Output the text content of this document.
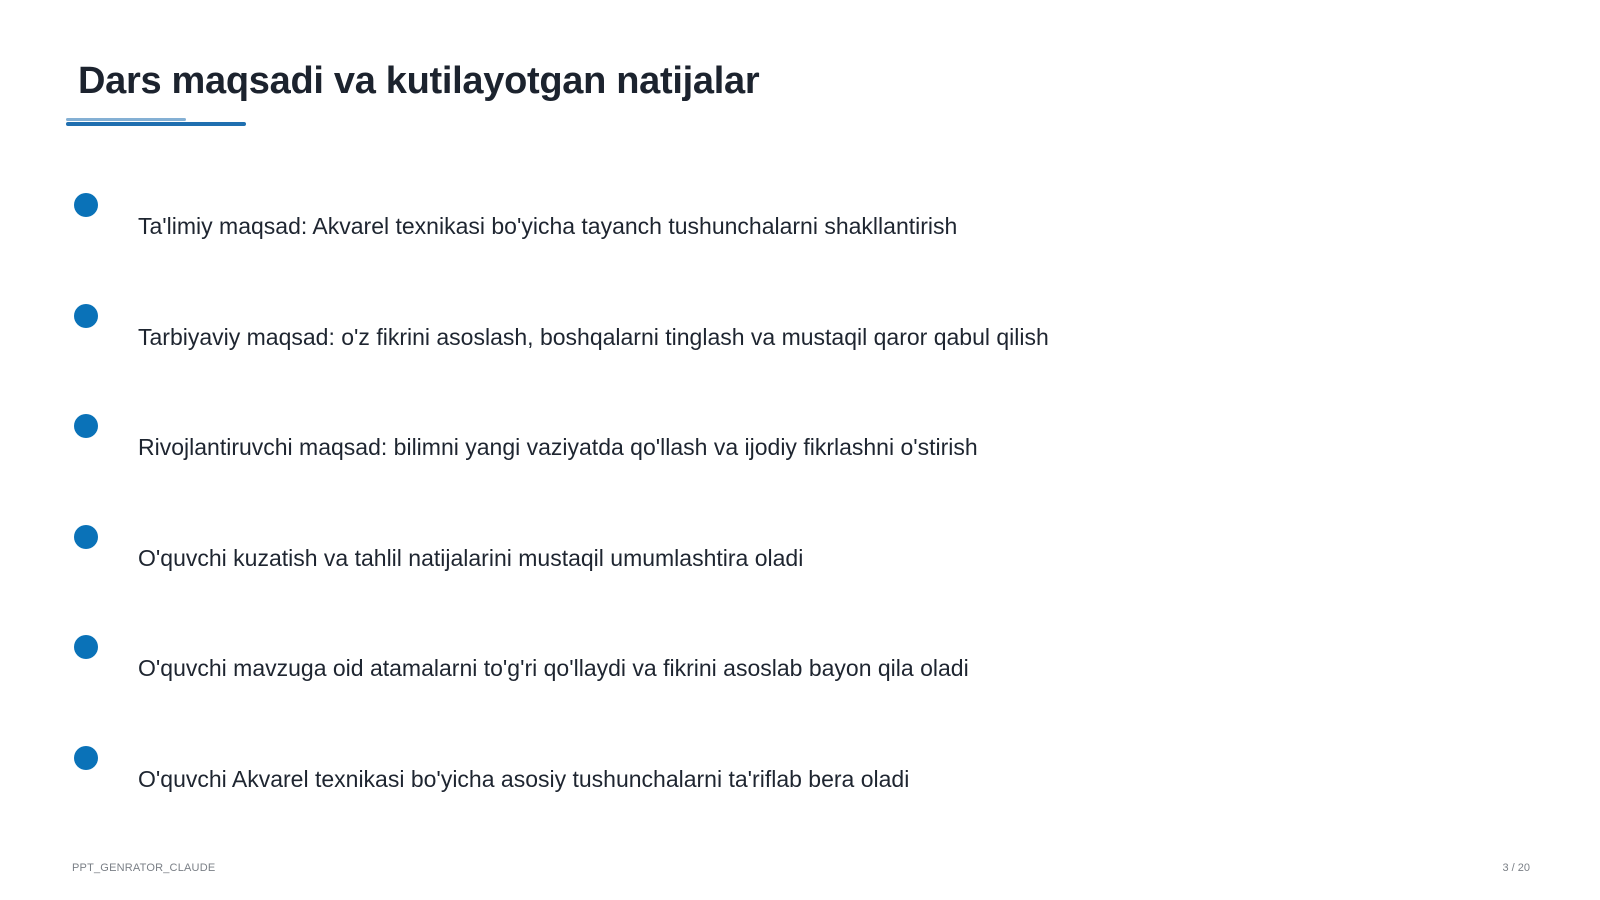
Dars maqsadi va kutilayotgan natijalar
Ta'limiy maqsad: Akvarel texnikasi bo'yicha tayanch tushunchalarni shakllantirish
Tarbiyaviy maqsad: o'z fikrini asoslash, boshqalarni tinglash va mustaqil qaror qabul qilish
Rivojlantiruvchi maqsad: bilimni yangi vaziyatda qo'llash va ijodiy fikrlashni o'stirish
O'quvchi kuzatish va tahlil natijalarini mustaqil umumlashtira oladi
O'quvchi mavzuga oid atamalarni to'g'ri qo'llaydi va fikrini asoslab bayon qila oladi
O'quvchi Akvarel texnikasi bo'yicha asosiy tushunchalarni ta'riflab bera oladi
PPT_GENRATOR_CLAUDE	3 / 20
